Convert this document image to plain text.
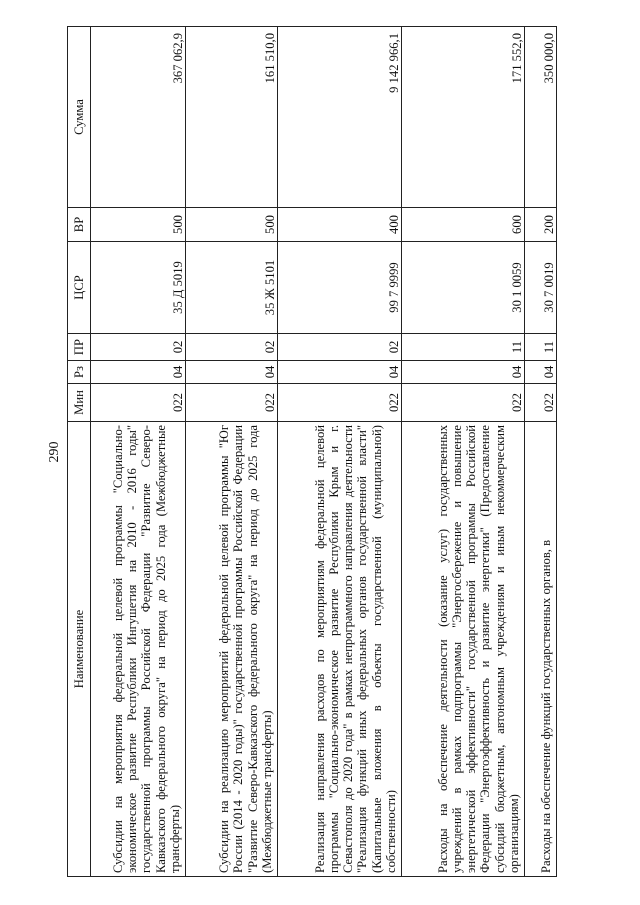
290
Наименование	Мин	Рз	ПР	ЦСР	ВР	Сумма
Субсидии на мероприятия федеральной целевой программы "Социально-экономическое развитие Республики Ингушетия на 2010 - 2016 годы" государственной программы Российской Федерации "Развитие Северо-Кавказского федерального округа" на период до 2025 года (Межбюджетные трансферты)	022	04	02	35 Д 5019	500	367 062,9
Субсидии на реализацию мероприятий федеральной целевой программы "Юг России (2014 - 2020 годы)" государственной программы Российской Федерации "Развитие Северо-Кавказского федерального округа" на период до 2025 года (Межбюджетные трансферты)	022	04	02	35 Ж 5101	500	161 510,0
Реализация направления расходов по мероприятиям федеральной целевой программы "Социально-экономическое развитие Республики Крым и г. Севастополя до 2020 года" в рамках непрограммного направления деятельности "Реализация функций иных федеральных органов государственной власти" (Капитальные вложения в объекты государственной (муниципальной) собственности)	022	04	02	99 7 9999	400	9 142 966,1
Расходы на обеспечение деятельности (оказание услуг) государственных учреждений в рамках подпрограммы "Энергосбережение и повышение энергетической эффективности" государственной программы Российской Федерации "Энергоэффективность и развитие энергетики" (Предоставление субсидий бюджетным, автономным учреждениям и иным некоммерческим организациям)	022	04	11	30 1 0059	600	171 552,0
Расходы на обеспечение функций государственных органов, в	022	04	11	30 7 0019	200	350 000,0
